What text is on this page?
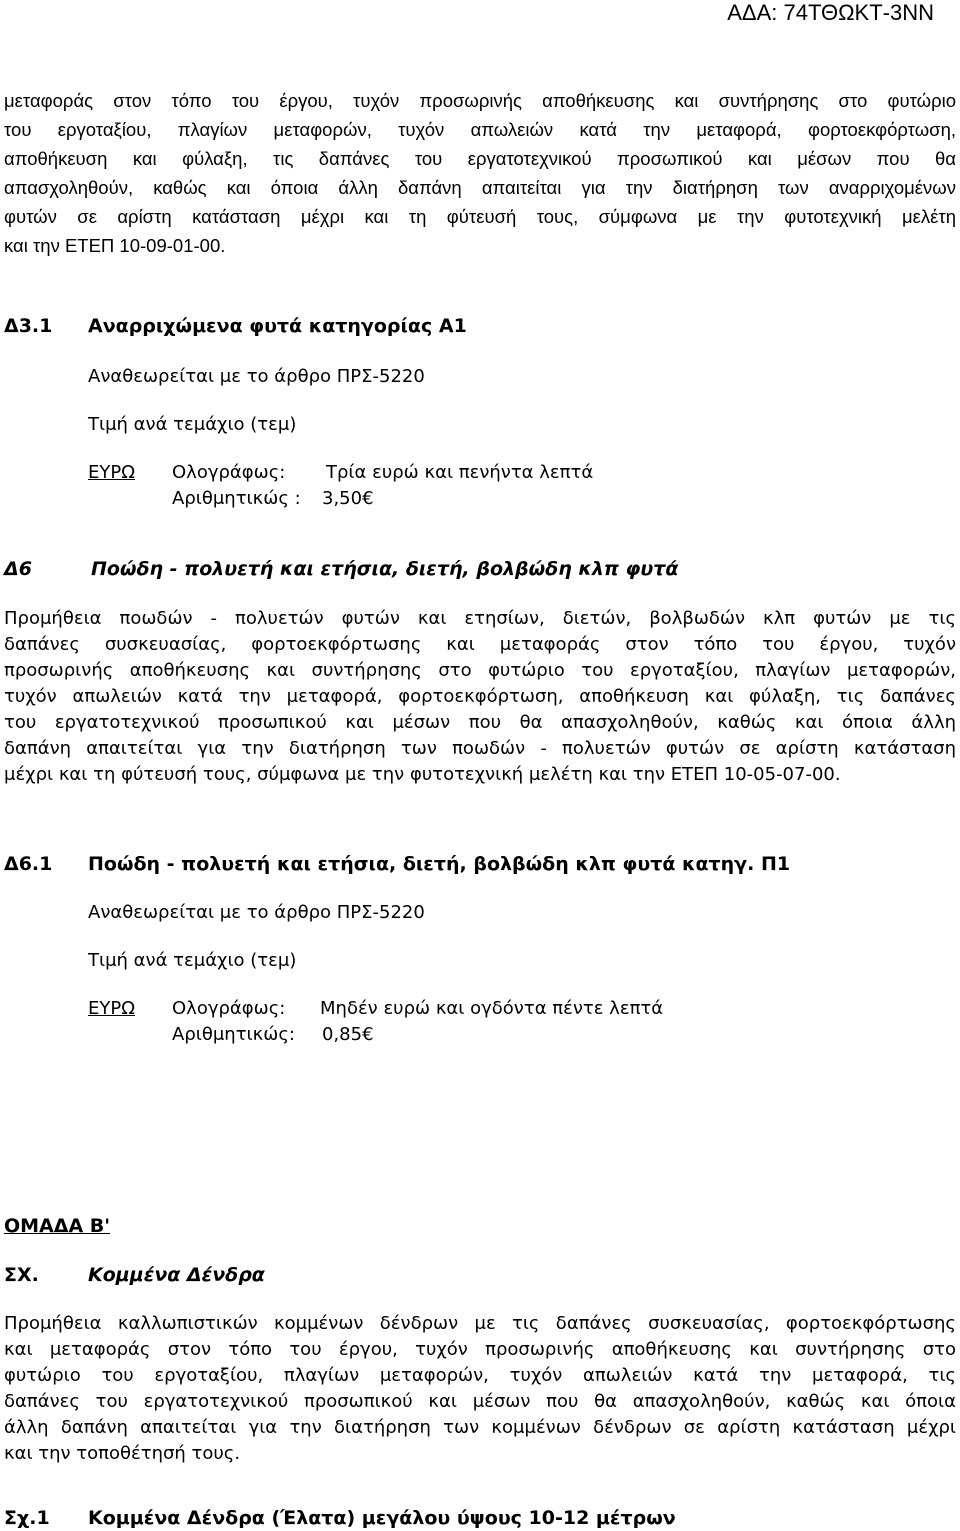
ΑΔΑ: 74ΤΘΩΚΤ-3ΝΝ
μεταφοράς στον τόπο του έργου, τυχόν προσωρινής αποθήκευσης και συντήρησης στο φυτώριο
του εργοταξίου, πλαγίων μεταφορών, τυχόν απωλειών κατά την μεταφορά, φορτοεκφόρτωση,
αποθήκευση και φύλαξη, τις δαπάνες του εργατοτεχνικού προσωπικού και μέσων που θα
απασχοληθούν, καθώς και όποια άλλη δαπάνη απαιτείται για την διατήρηση των αναρριχομένων
φυτών σε αρίστη κατάσταση μέχρι και τη φύτευσή τους, σύμφωνα με την φυτοτεχνική μελέτη
και την ΕΤΕΠ 10-09-01-00.
Δ3.1 Αναρριχώμενα φυτά κατηγορίας Α1
Αναθεωρείται με το άρθρο ΠΡΣ-5220
Τιμή ανά τεμάχιο (τεμ)
ΕΥΡΩ Ολογράφως: Τρία ευρώ και πενήντα λεπτά
Αριθμητικώς : 3,50€
Δ6	Ποώδη - πολυετή και ετήσια, διετή, βολβώδη κλπ φυτά
Προμήθεια ποωδών - πολυετών φυτών και ετησίων, διετών, βολβωδών κλπ φυτών με τις
δαπάνες συσκευασίας, φορτοεκφόρτωσης και μεταφοράς στον τόπο του έργου, τυχόν
προσωρινής αποθήκευσης και συντήρησης στο φυτώριο του εργοταξίου, πλαγίων μεταφορών,
τυχόν απωλειών κατά την μεταφορά, φορτοεκφόρτωση, αποθήκευση και φύλαξη, τις δαπάνες
του εργατοτεχνικού προσωπικού και μέσων που θα απασχοληθούν, καθώς και όποια άλλη
δαπάνη απαιτείται για την διατήρηση των ποωδών - πολυετών φυτών σε αρίστη κατάσταση
μέχρι και τη φύτευσή τους, σύμφωνα με την φυτοτεχνική μελέτη και την ΕΤΕΠ 10-05-07-00.
Δ6.1 Ποώδη - πολυετή και ετήσια, διετή, βολβώδη κλπ φυτά κατηγ. Π1
Αναθεωρείται με το άρθρο ΠΡΣ-5220
Τιμή ανά τεμάχιο (τεμ)
ΕΥΡΩ Ολογράφως: Μηδέν ευρώ και ογδόντα πέντε λεπτά
Αριθμητικώς: 0,85€
ΟΜΑΔΑ Β'
ΣΧ.	Κομμένα Δένδρα
Προμήθεια καλλωπιστικών κομμένων δένδρων με τις δαπάνες συσκευασίας, φορτοεκφόρτωσης
και μεταφοράς στον τόπο του έργου, τυχόν προσωρινής αποθήκευσης και συντήρησης στο
φυτώριο του εργοταξίου, πλαγίων μεταφορών, τυχόν απωλειών κατά την μεταφορά, τις
δαπάνες του εργατοτεχνικού προσωπικού και μέσων που θα απασχοληθούν, καθώς και όποια
άλλη δαπάνη απαιτείται για την διατήρηση των κομμένων δένδρων σε αρίστη κατάσταση μέχρι
και την τοποθέτησή τους.
Σχ.1 Κομμένα Δένδρα (Έλατα) μεγάλου ύψους 10-12 μέτρων
